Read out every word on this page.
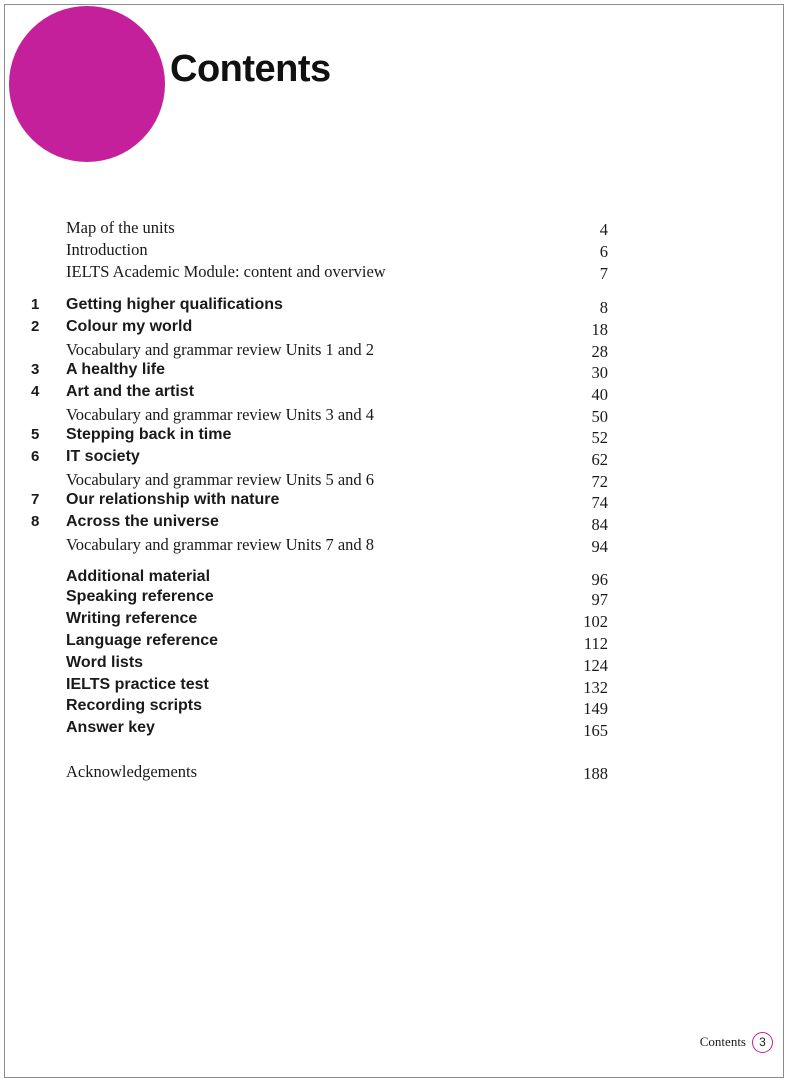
Contents
Map of the units	4
Introduction	6
IELTS Academic Module: content and overview	7
1 Getting higher qualifications	8
2 Colour my world	18
Vocabulary and grammar review Units 1 and 2	28
3 A healthy life	30
4 Art and the artist	40
Vocabulary and grammar review Units 3 and 4	50
5 Stepping back in time	52
6 IT society	62
Vocabulary and grammar review Units 5 and 6	72
7 Our relationship with nature	74
8 Across the universe	84
Vocabulary and grammar review Units 7 and 8	94
Additional material	96
Speaking reference	97
Writing reference	102
Language reference	112
Word lists	124
IELTS practice test	132
Recording scripts	149
Answer key	165
Acknowledgements	188
Contents	3
